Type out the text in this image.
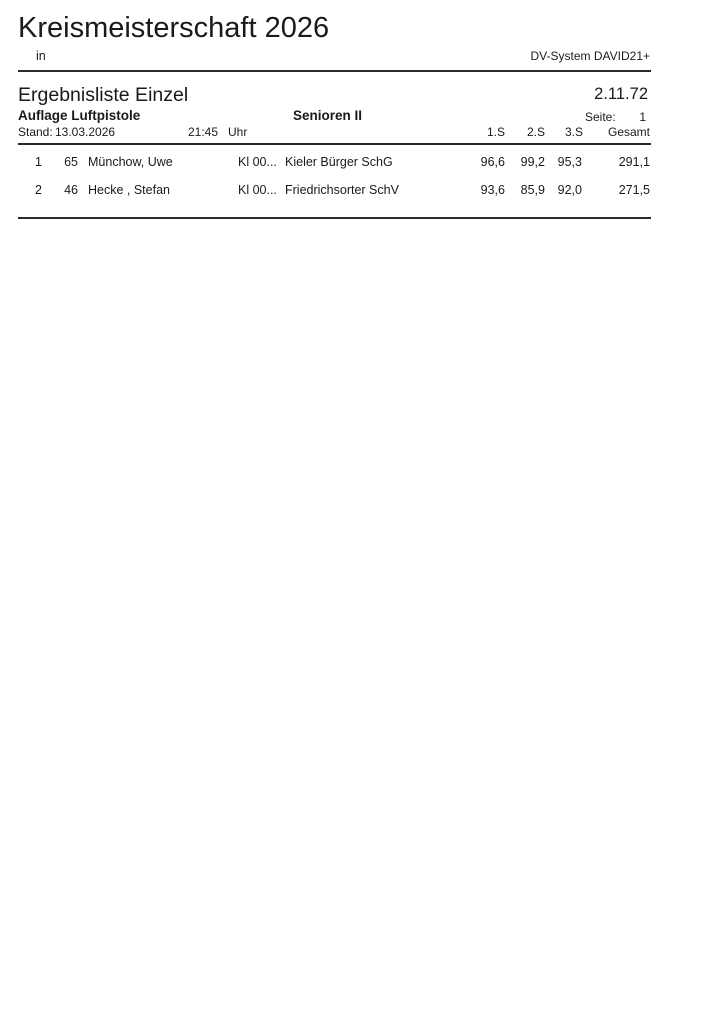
Kreismeisterschaft 2026
in	DV-System DAVID21+
Ergebnisliste Einzel	2.11.72
Auflage Luftpistole	Senioren II	Seite: 1
Stand: 13.03.2026	21:45 Uhr	1.S 2.S 3.S Gesamt
1	65 Münchow, Uwe	Kl 00... Kieler Bürger SchG	96,6	99,2	95,3	291,1
2	46 Hecke , Stefan	Kl 00... Friedrichsorter SchV	93,6	85,9	92,0	271,5
